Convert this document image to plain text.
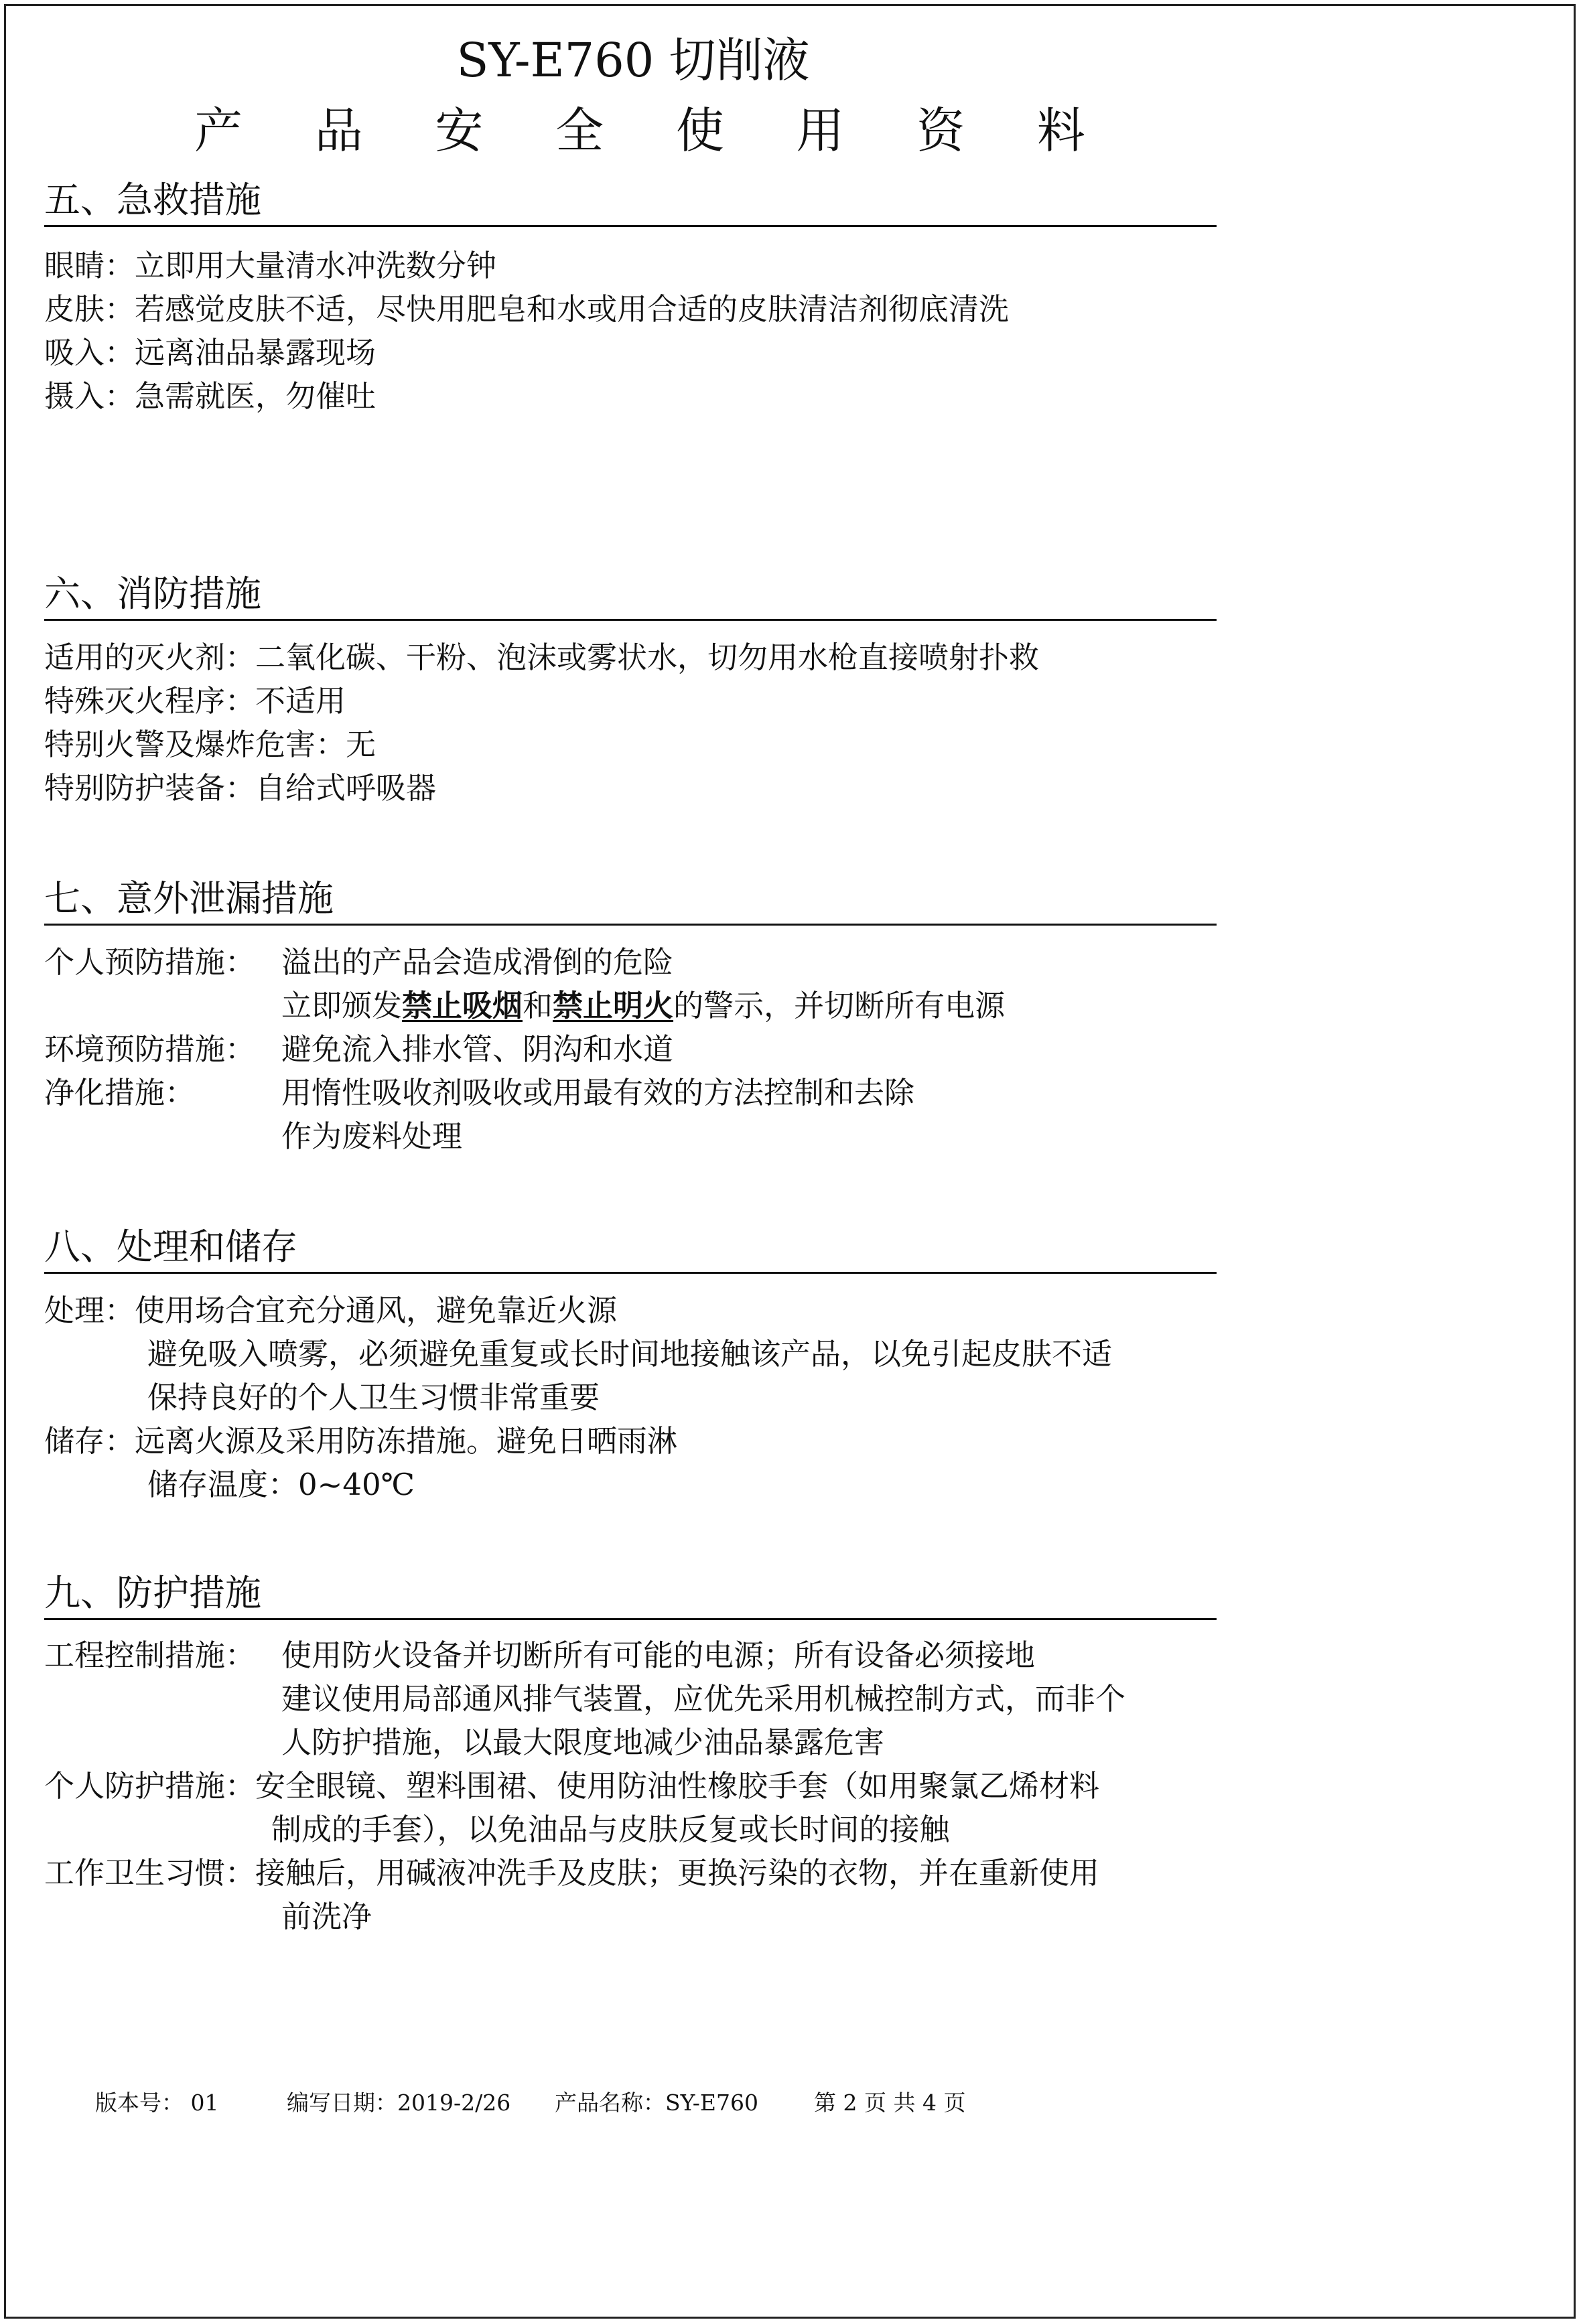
SY-E760 切削液
产 品 安 全 使 用 资 料
五、急救措施
眼睛：立即用大量清水冲洗数分钟
皮肤：若感觉皮肤不适，尽快用肥皂和水或用合适的皮肤清洁剂彻底清洗
吸入：远离油品暴露现场
摄入：急需就医，勿催吐
六、消防措施
适用的灭火剂：二氧化碳、干粉、泡沫或雾状水，切勿用水枪直接喷射扑救
特殊灭火程序：不适用
特别火警及爆炸危害：无
特别防护装备：自给式呼吸器
七、意外泄漏措施
个人预防措施： 溢出的产品会造成滑倒的危险
立即颁发禁止吸烟和禁止明火的警示，并切断所有电源
环境预防措施： 避免流入排水管、阴沟和水道
净化措施：	用惰性吸收剂吸收或用最有效的方法控制和去除
作为废料处理
八、处理和储存
处理：使用场合宜充分通风，避免靠近火源
避免吸入喷雾，必须避免重复或长时间地接触该产品，以免引起皮肤不适
保持良好的个人卫生习惯非常重要
储存：远离火源及采用防冻措施。避免日晒雨淋
储存温度：0~40℃
九、防护措施
工程控制措施： 使用防火设备并切断所有可能的电源；所有设备必须接地
建议使用局部通风排气装置，应优先采用机械控制方式，而非个
人防护措施，以最大限度地减少油品暴露危害
个人防护措施：安全眼镜、塑料围裙、使用防油性橡胶手套（如用聚氯乙烯材料
制成的手套），以免油品与皮肤反复或长时间的接触
工作卫生习惯：接触后，用碱液冲洗手及皮肤；更换污染的衣物，并在重新使用
前洗净
版本号： 01	编写日期：2019-2/26 产品名称：SY-E760	第 2 页 共 4 页
